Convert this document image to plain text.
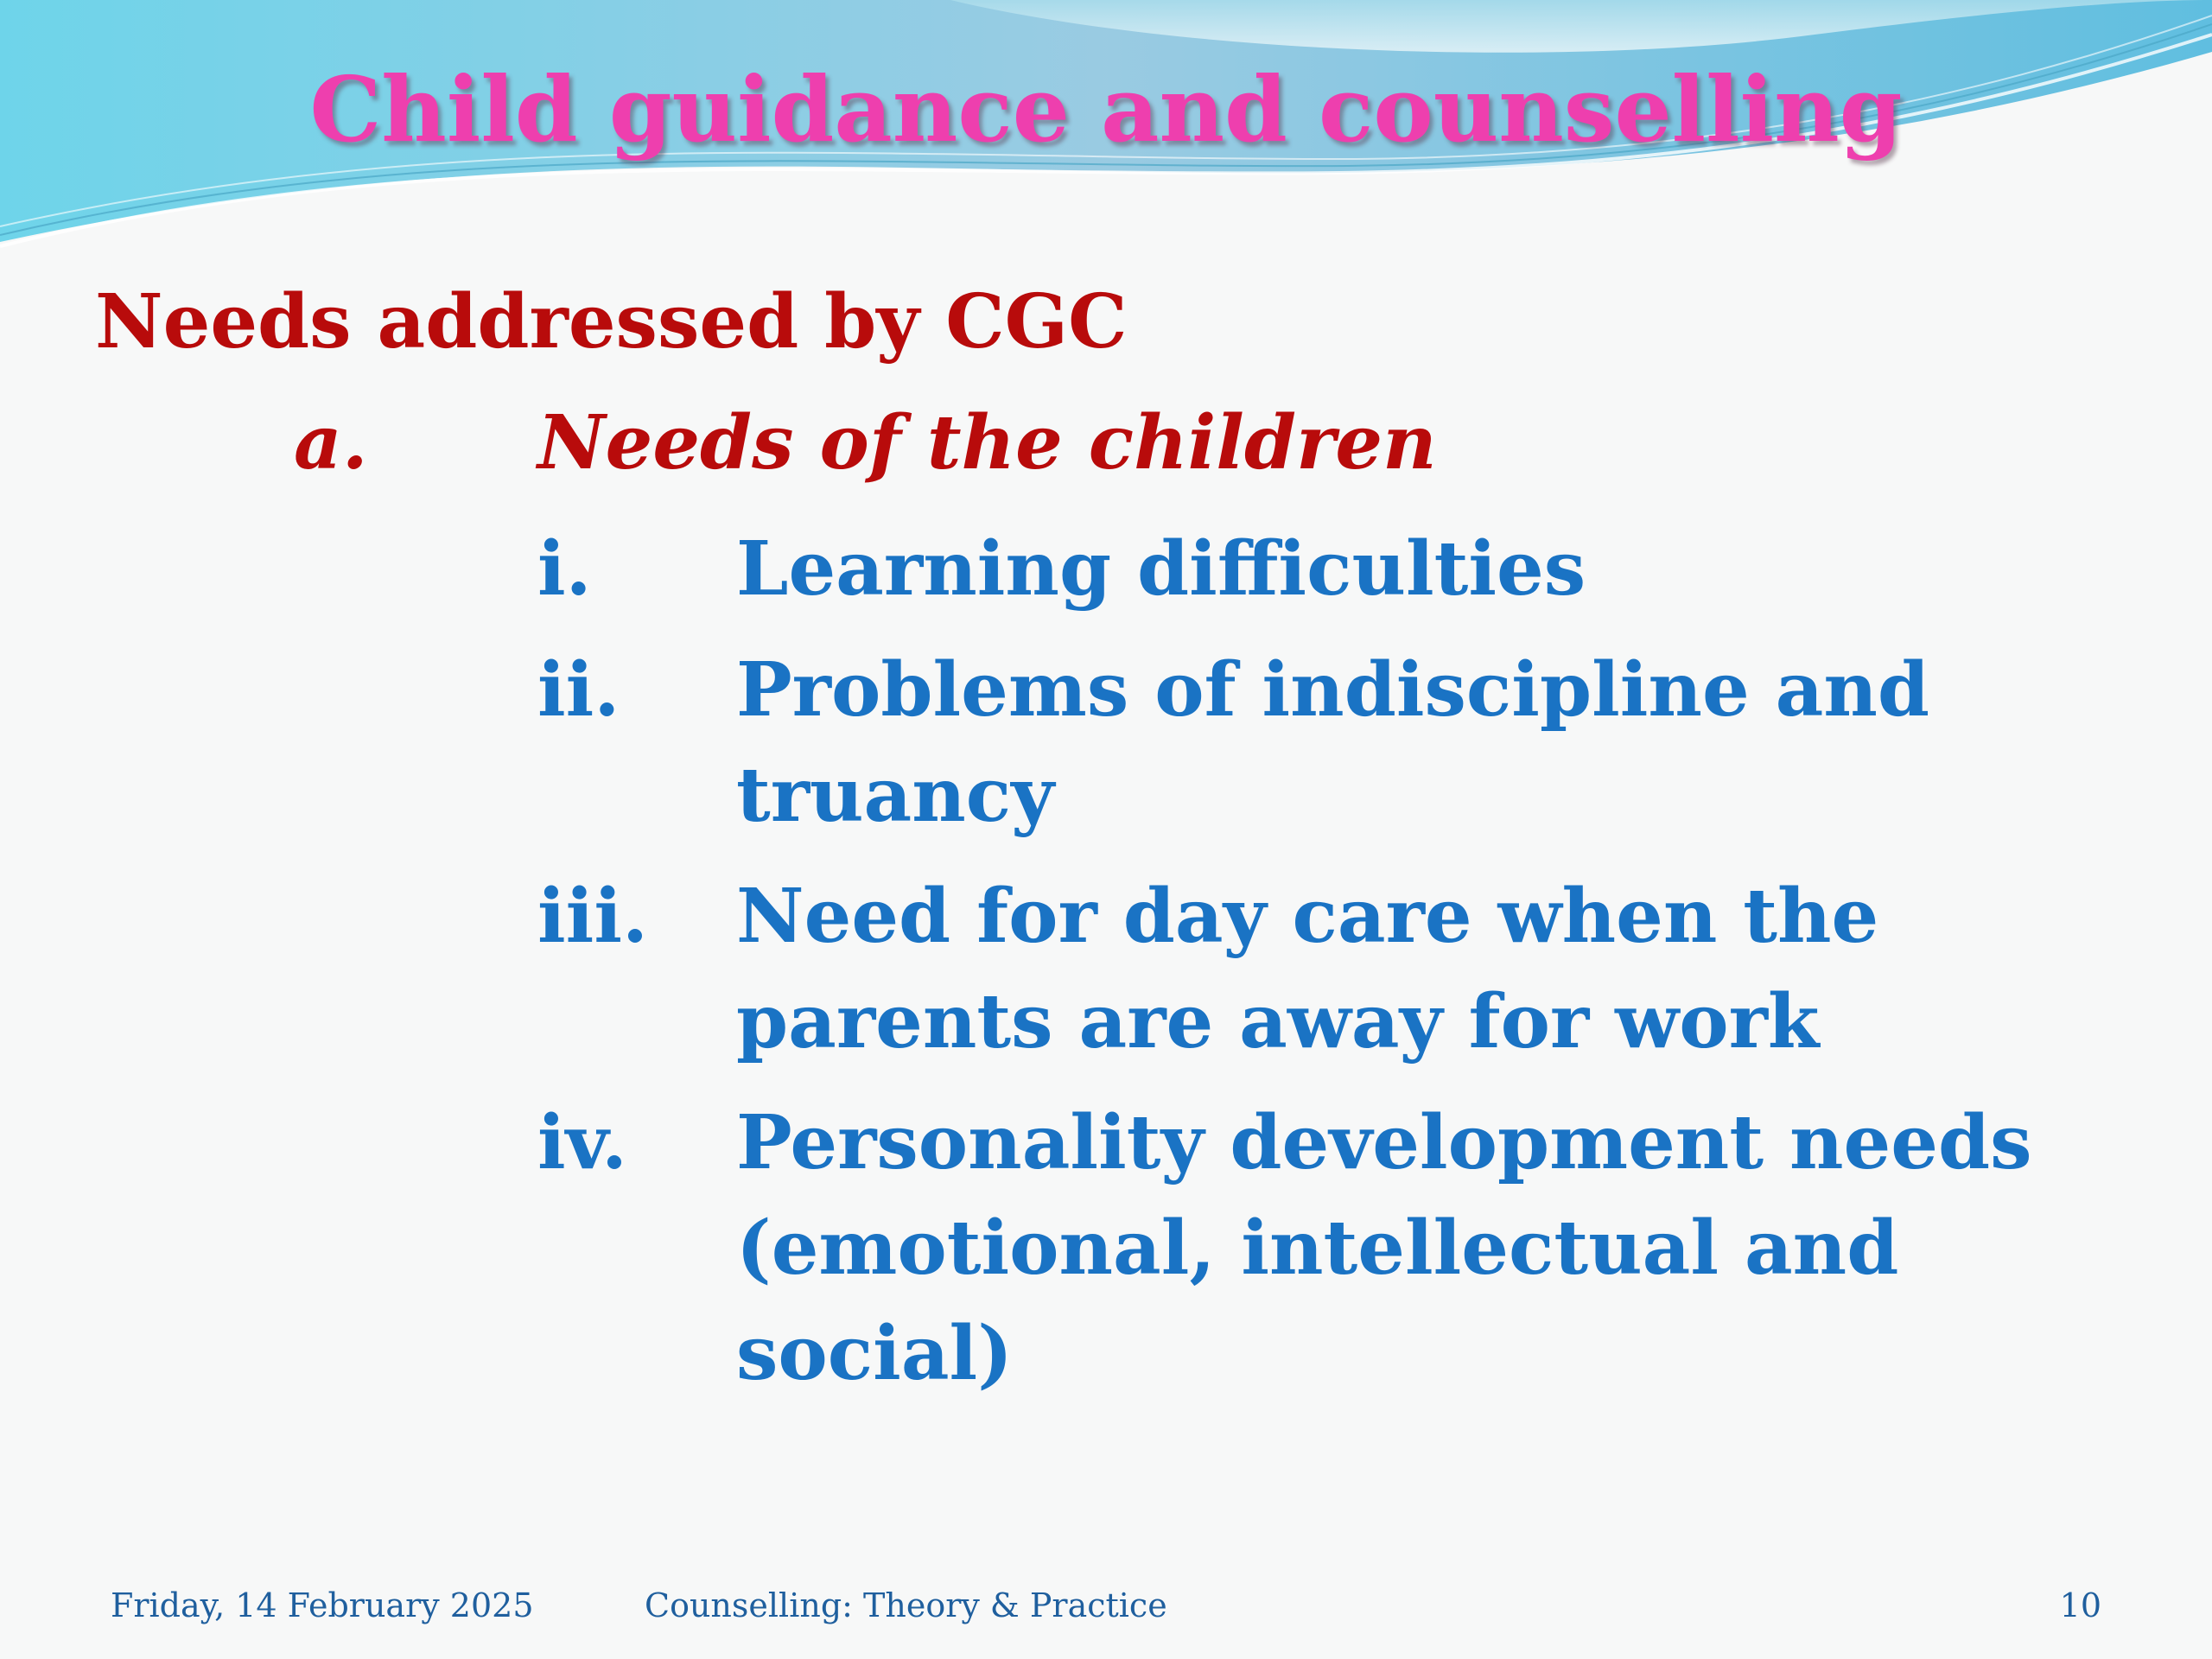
Child guidance and counselling
Needs addressed by CGC
a. Needs of the children
i.	Learning difficulties
ii.	Problems of indiscipline and truancy
iii.	Need for day care when the parents are away for work
iv.	Personality development needs (emotional, intellectual and social)
Friday, 14 February 2025	Counselling: Theory & Practice	10
